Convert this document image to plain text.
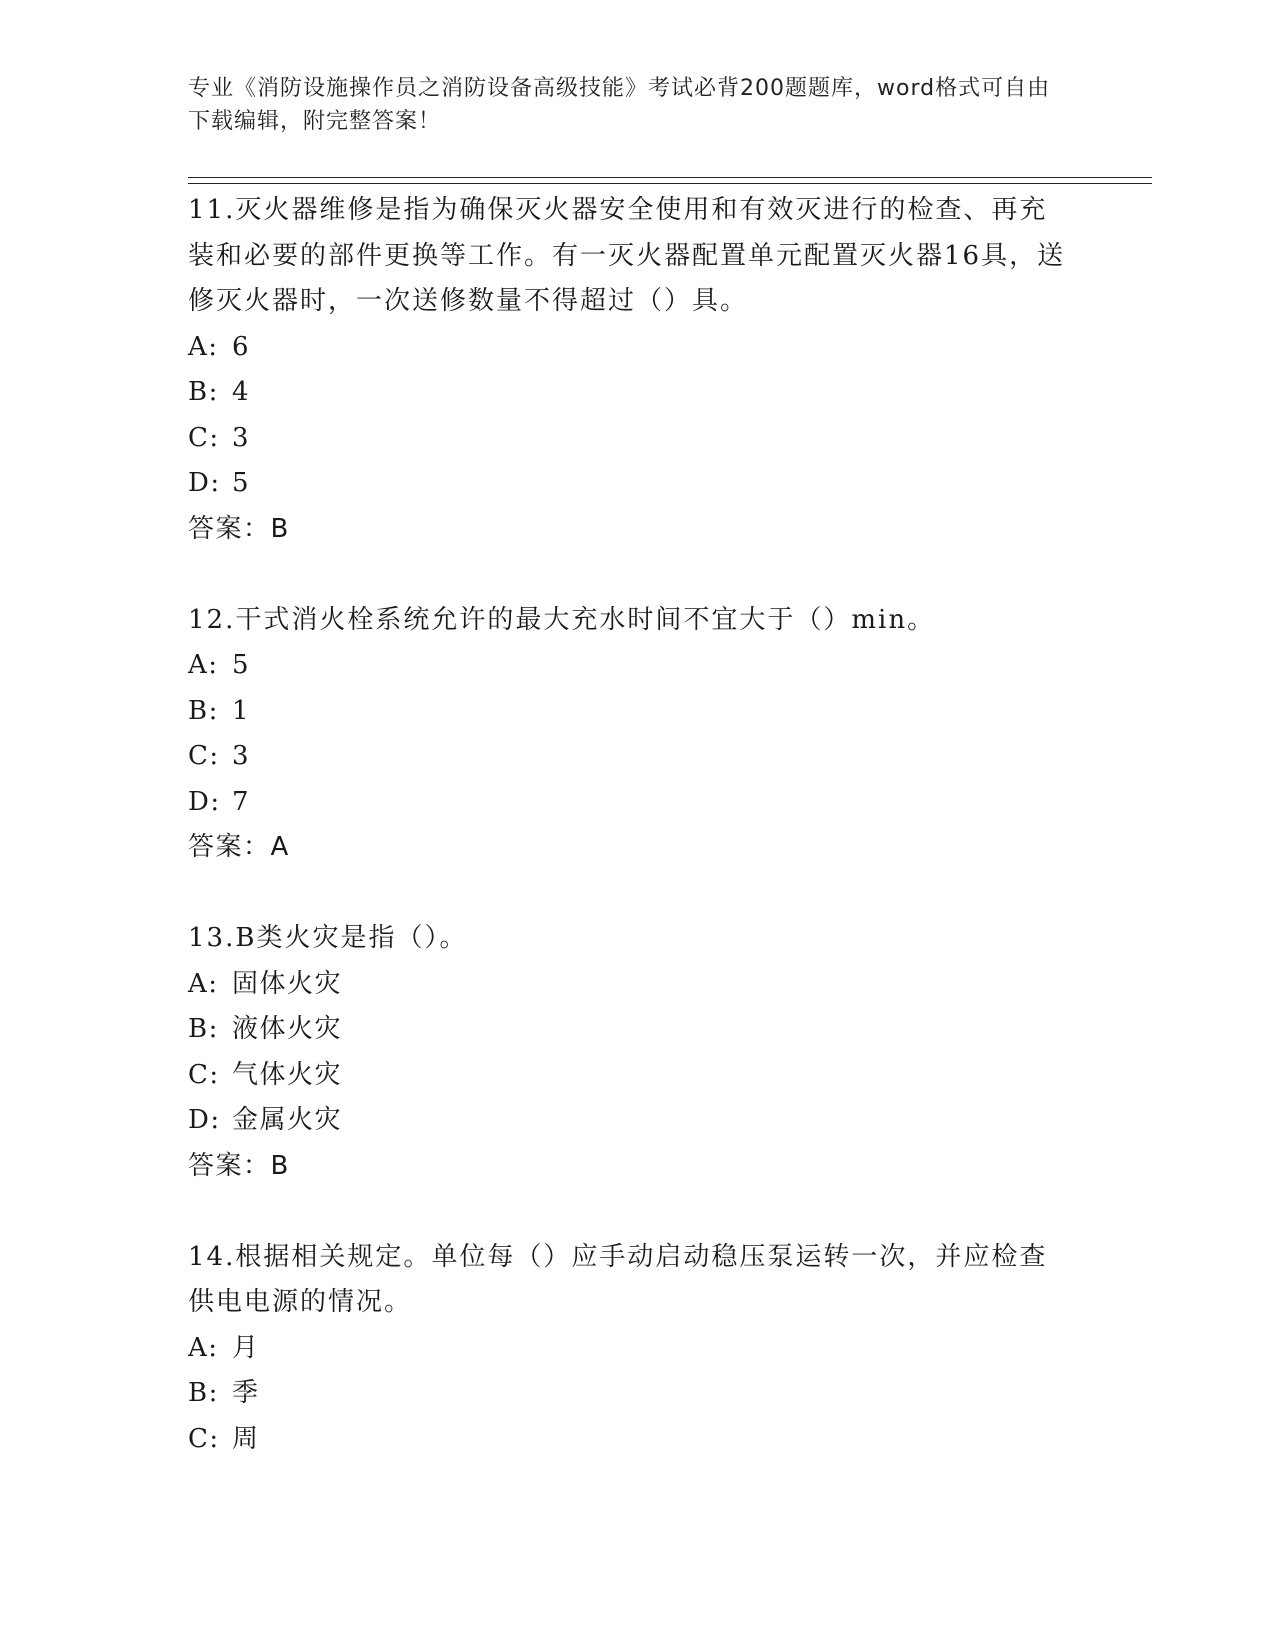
专业《消防设施操作员之消防设备高级技能》考试必背200题题库，word格式可自由下载编辑，附完整答案！

11.灭火器维修是指为确保灭火器安全使用和有效灭进行的检查、再充装和必要的部件更换等工作。有一灭火器配置单元配置灭火器16具，送修灭火器时，一次送修数量不得超过（）具。

A: 6

B: 4

C: 3

D: 5

答案：B

12.干式消火栓系统允许的最大充水时间不宜大于（）min。

A: 5

B: 1

C: 3

D: 7

答案：A

13.B类火灾是指（）。

A: 固体火灾

B: 液体火灾

C: 气体火灾

D: 金属火灾

答案：B

14.根据相关规定。单位每（）应手动启动稳压泵运转一次，并应检查供电电源的情况。

A: 月

B: 季

C: 周
